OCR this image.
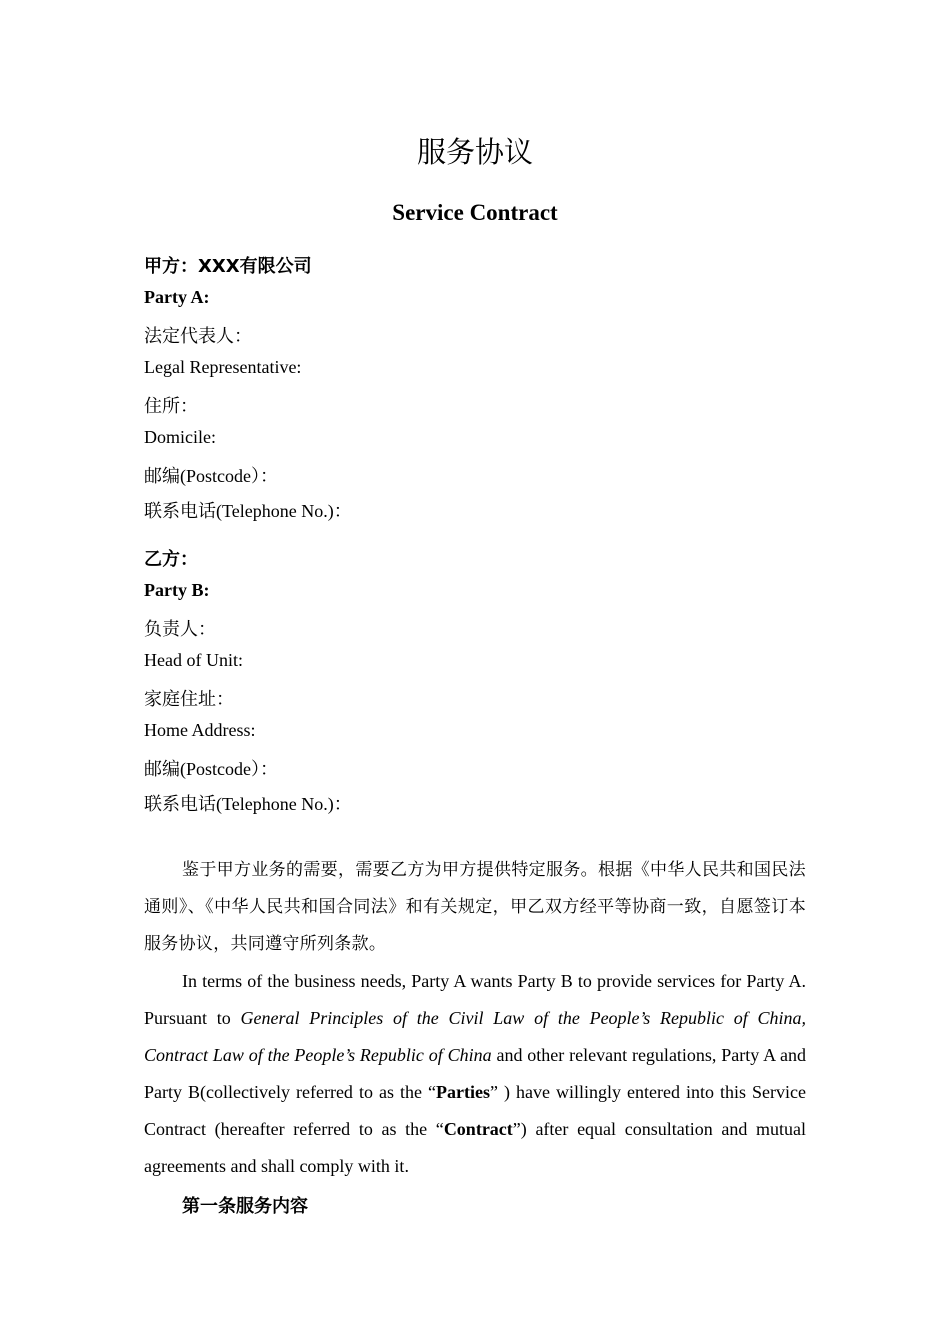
服务协议
Service Contract
甲方：XXX有限公司
Party A:
法定代表人：
Legal Representative:
住所：
Domicile:
邮编(Postcode）：
联系电话(Telephone No.)：
乙方：
Party B:
负责人：
Head of Unit:
家庭住址：
Home Address:
邮编(Postcode）：
联系电话(Telephone No.)：
鉴于甲方业务的需要，需要乙方为甲方提供特定服务。根据《中华人民共和国民法通则》、《中华人民共和国合同法》和有关规定，甲乙双方经平等协商一致，自愿签订本服务协议，共同遵守所列条款。
In terms of the business needs, Party A wants Party B to provide services for Party A. Pursuant to General Principles of the Civil Law of the People’s Republic of China, Contract Law of the People’s Republic of China and other relevant regulations, Party A and Party B(collectively referred to as the “Parties” ) have willingly entered into this Service Contract (hereafter referred to as the “Contract”) after equal consultation and mutual agreements and shall comply with it.
第一条服务内容
